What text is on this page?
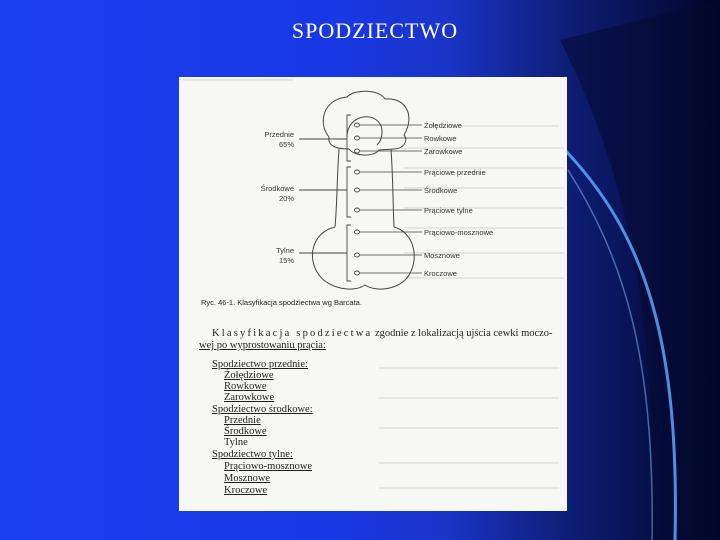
SPODZIECTWO
Przednie
65%
Środkowe
20%
Tylne
15%
Żołędziowe
Rowkowe
Zarowkowe
Prąciowe przednie
Środkowe
Prąciowe tylne
Prąciowo-mosznowe
Mosznowe
Kroczowe
Ryc. 46-1. Klasyfikacja spodziectwa wg Barcata.
Klasyfikacja spodziectwa zgodnie z lokalizacją ujścia cewki moczo-
wej po wyprostowaniu prącia:
Spodziectwo przednie:
Żołędziowe
Rowkowe
Zarowkowe
Spodziectwo środkowe:
Przednie
Środkowe
Tylne
Spodziectwo tylne:
Prąciowo-mosznowe
Mosznowe
Kroczowe
